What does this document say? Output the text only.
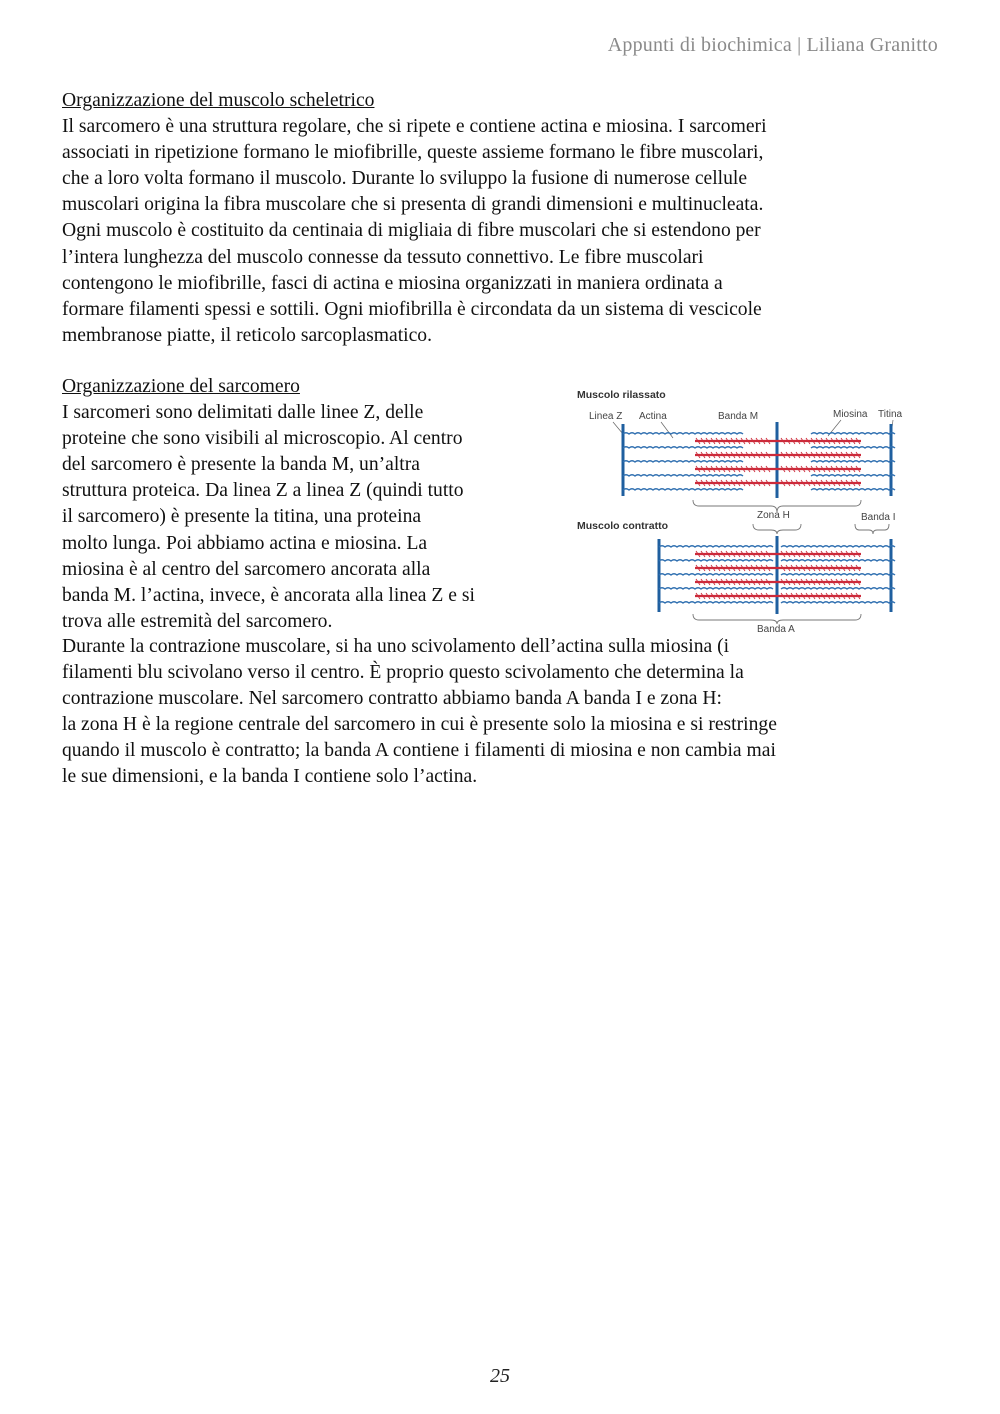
Appunti di biochimica | Liliana Granitto
Organizzazione del muscolo scheletrico
Il sarcomero è una struttura regolare, che si ripete e contiene actina e miosina. I sarcomeri
associati in ripetizione formano le miofibrille, queste assieme formano le fibre muscolari,
che a loro volta formano il muscolo. Durante lo sviluppo la fusione di numerose cellule
muscolari origina la fibra muscolare che si presenta di grandi dimensioni e multinucleata.
Ogni muscolo è costituito da centinaia di migliaia di fibre muscolari che si estendono per
l’intera lunghezza del muscolo connesse da tessuto connettivo. Le fibre muscolari
contengono le miofibrille, fasci di actina e miosina organizzati in maniera ordinata a
formare filamenti spessi e sottili. Ogni miofibrilla è circondata da un sistema di vescicole
membranose piatte, il reticolo sarcoplasmatico.
Organizzazione del sarcomero
I sarcomeri sono delimitati dalle linee Z, delle
proteine che sono visibili al microscopio. Al centro
del sarcomero è presente la banda M, un’altra
struttura proteica. Da linea Z a linea Z (quindi tutto
il sarcomero) è presente la titina, una proteina
molto lunga. Poi abbiamo actina e miosina. La
miosina è al centro del sarcomero ancorata alla
banda M. l’actina, invece, è ancorata alla linea Z e si
trova alle estremità del sarcomero.
Muscolo rilassato
Linea Z Actina	Banda M	Miosina Titina
Muscolo contratto
Zona H	Banda I
Banda A
Durante la contrazione muscolare, si ha uno scivolamento dell’actina sulla miosina (i
filamenti blu scivolano verso il centro. È proprio questo scivolamento che determina la
contrazione muscolare. Nel sarcomero contratto abbiamo banda A banda I e zona H:
la zona H è la regione centrale del sarcomero in cui è presente solo la miosina e si restringe
quando il muscolo è contratto; la banda A contiene i filamenti di miosina e non cambia mai
le sue dimensioni, e la banda I contiene solo l’actina.
25
